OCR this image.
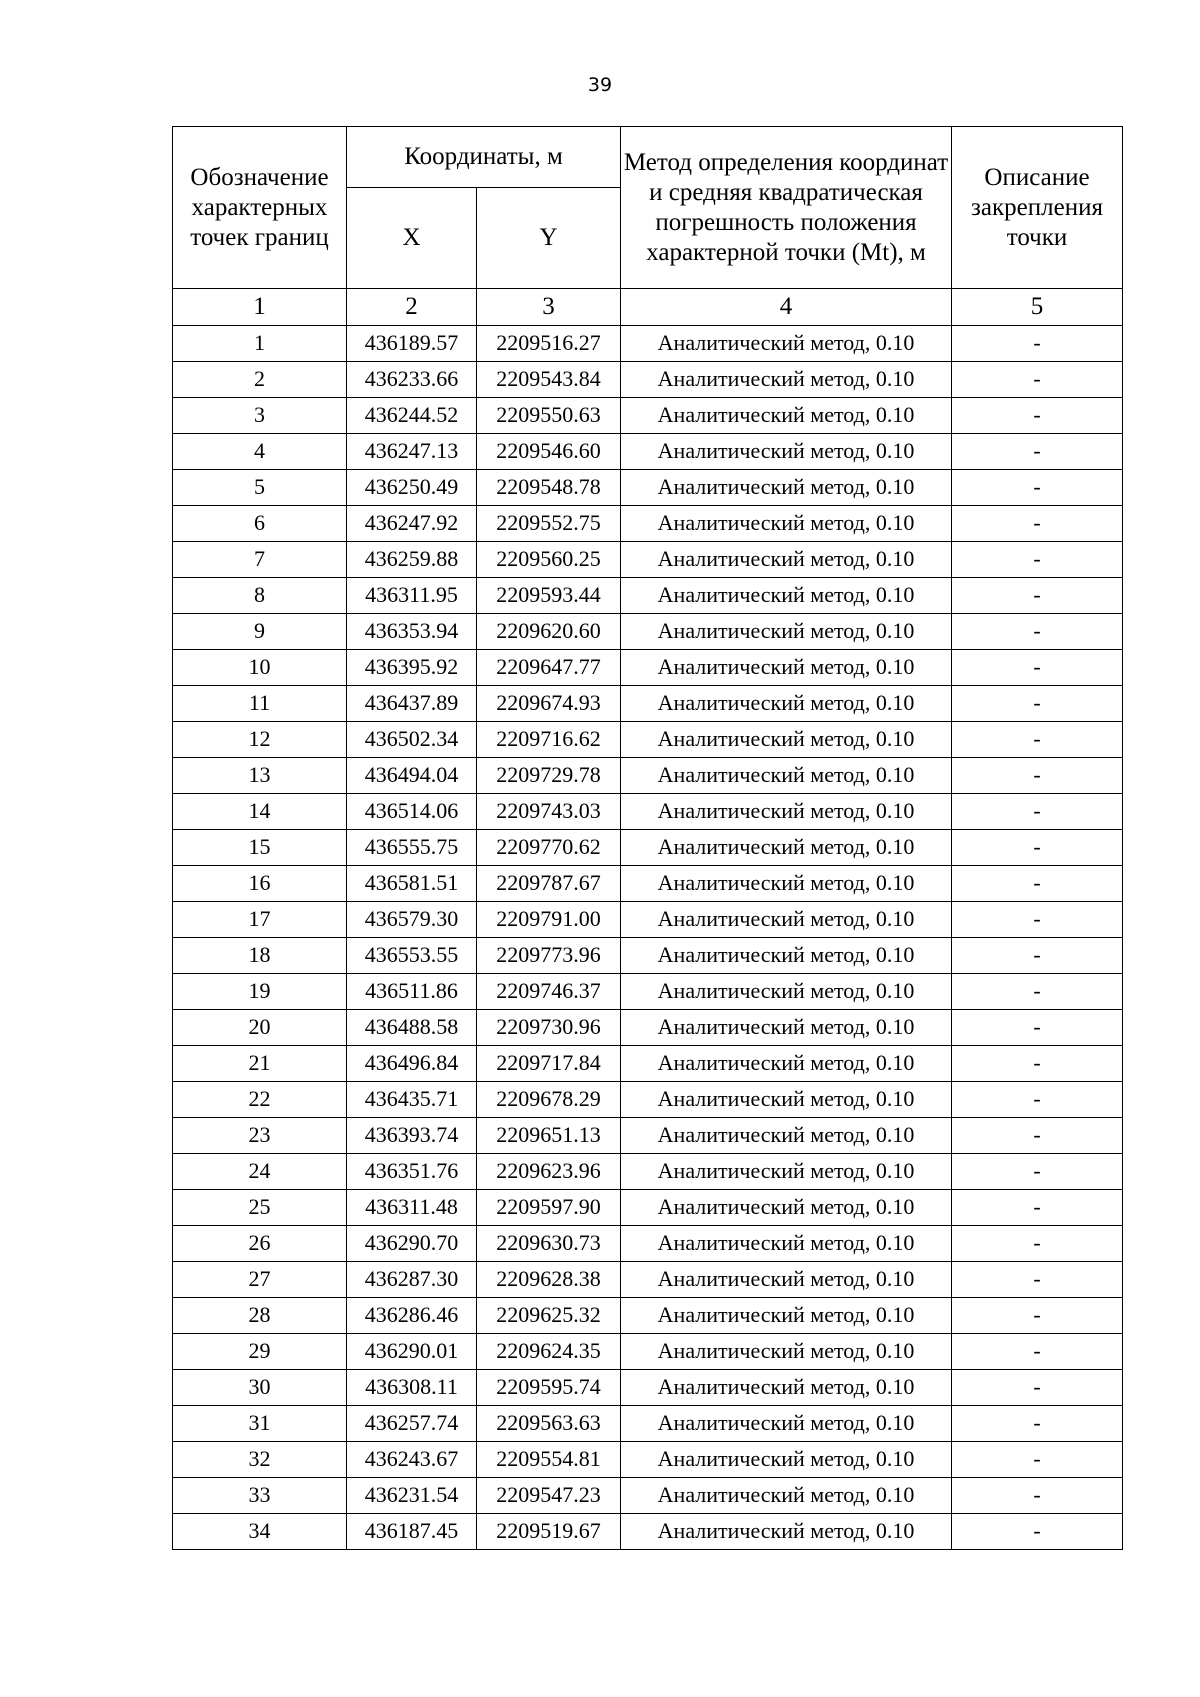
39
Обозначение характерных точек границ	Координаты, м		Метод определения координат и средняя квадратическая погрешность положения характерной точки (Mt), м	Описание закрепления точки
	X	Y		
1	2	3	4	5
1	436189.57	2209516.27	Аналитический метод, 0.10	-
2	436233.66	2209543.84	Аналитический метод, 0.10	-
3	436244.52	2209550.63	Аналитический метод, 0.10	-
4	436247.13	2209546.60	Аналитический метод, 0.10	-
5	436250.49	2209548.78	Аналитический метод, 0.10	-
6	436247.92	2209552.75	Аналитический метод, 0.10	-
7	436259.88	2209560.25	Аналитический метод, 0.10	-
8	436311.95	2209593.44	Аналитический метод, 0.10	-
9	436353.94	2209620.60	Аналитический метод, 0.10	-
10	436395.92	2209647.77	Аналитический метод, 0.10	-
11	436437.89	2209674.93	Аналитический метод, 0.10	-
12	436502.34	2209716.62	Аналитический метод, 0.10	-
13	436494.04	2209729.78	Аналитический метод, 0.10	-
14	436514.06	2209743.03	Аналитический метод, 0.10	-
15	436555.75	2209770.62	Аналитический метод, 0.10	-
16	436581.51	2209787.67	Аналитический метод, 0.10	-
17	436579.30	2209791.00	Аналитический метод, 0.10	-
18	436553.55	2209773.96	Аналитический метод, 0.10	-
19	436511.86	2209746.37	Аналитический метод, 0.10	-
20	436488.58	2209730.96	Аналитический метод, 0.10	-
21	436496.84	2209717.84	Аналитический метод, 0.10	-
22	436435.71	2209678.29	Аналитический метод, 0.10	-
23	436393.74	2209651.13	Аналитический метод, 0.10	-
24	436351.76	2209623.96	Аналитический метод, 0.10	-
25	436311.48	2209597.90	Аналитический метод, 0.10	-
26	436290.70	2209630.73	Аналитический метод, 0.10	-
27	436287.30	2209628.38	Аналитический метод, 0.10	-
28	436286.46	2209625.32	Аналитический метод, 0.10	-
29	436290.01	2209624.35	Аналитический метод, 0.10	-
30	436308.11	2209595.74	Аналитический метод, 0.10	-
31	436257.74	2209563.63	Аналитический метод, 0.10	-
32	436243.67	2209554.81	Аналитический метод, 0.10	-
33	436231.54	2209547.23	Аналитический метод, 0.10	-
34	436187.45	2209519.67	Аналитический метод, 0.10	-
